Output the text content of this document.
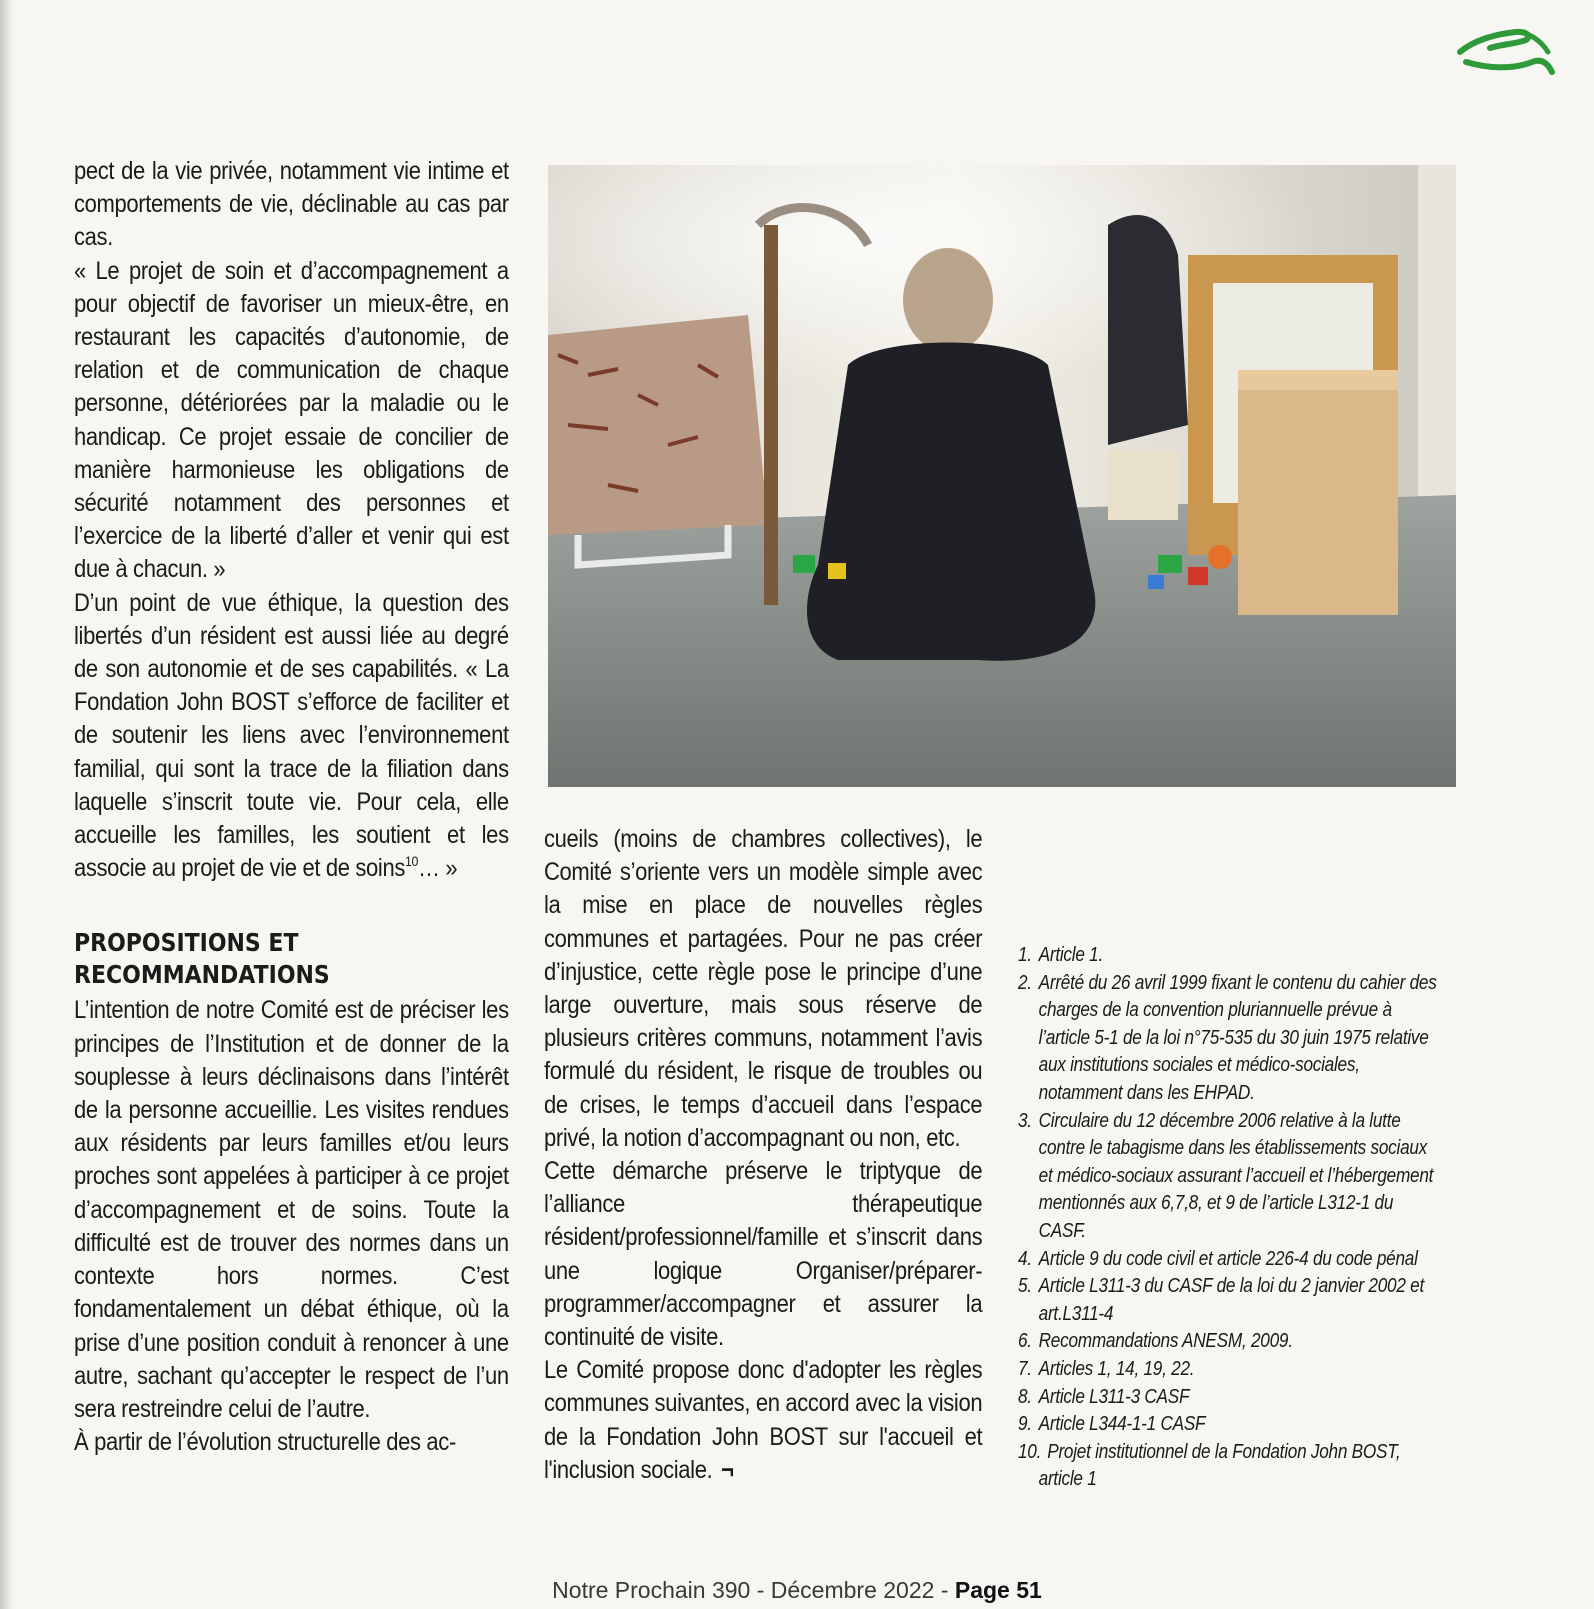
pect de la vie privée, notamment vie intime et comportements de vie, déclinable au cas par cas.

« Le projet de soin et d’accompagnement a pour objectif de favoriser un mieux-être, en restaurant les capacités d’autonomie, de relation et de communication de chaque personne, détériorées par la maladie ou le handicap. Ce projet essaie de concilier de manière harmonieuse les obligations de sécurité notamment des personnes et l’exercice de la liberté d’aller et venir qui est due à chacun. »

D’un point de vue éthique, la question des libertés d’un résident est aussi liée au degré de son autonomie et de ses capabilités. « La Fondation John BOST s’efforce de faciliter et de soutenir les liens avec l’environnement familial, qui sont la trace de la filiation dans laquelle s’inscrit toute vie. Pour cela, elle accueille les familles, les soutient et les associe au projet de vie et de soins$^{10}$… »

PROPOSITIONS ET
RECOMMANDATIONS

L’intention de notre Comité est de préciser les principes de l’Institution et de donner de la souplesse à leurs déclinaisons dans l’intérêt de la personne accueillie. Les visites rendues aux résidents par leurs familles et/ou leurs proches sont appelées à participer à ce projet d’accompagnement et de soins. Toute la difficulté est de trouver des normes dans un contexte hors normes. C’est fondamentalement un débat éthique, où la prise d’une position conduit à renoncer à une autre, sachant qu’accepter le respect de l’un sera restreindre celui de l’autre.

À partir de l’évolution structurelle des ac-

cueils (moins de chambres collectives), le Comité s’oriente vers un modèle simple avec la mise en place de nouvelles règles communes et partagées. Pour ne pas créer d’injustice, cette règle pose le principe d’une large ouverture, mais sous réserve de plusieurs critères communs, notamment l’avis formulé du résident, le risque de troubles ou de crises, le temps d’accueil dans l’espace privé, la notion d’accompagnant ou non, etc.

Cette démarche préserve le triptyque de l’alliance thérapeutique résident/professionnel/famille et s’inscrit dans une logique Organiser/préparer-programmer/accompagner et assurer la continuité de visite.

Le Comité propose donc d'adopter les règles communes suivantes, en accord avec la vision de la Fondation John BOST sur l'accueil et l'inclusion sociale. ¬

1. Article 1.
2. Arrêté du 26 avril 1999 fixant le contenu du cahier des charges de la convention pluriannuelle prévue à l’article 5-1 de la loi n°75-535 du 30 juin 1975 relative aux institutions sociales et médico-sociales, notamment dans les EHPAD.
3. Circulaire du 12 décembre 2006 relative à la lutte contre le tabagisme dans les établissements sociaux et médico-sociaux assurant l’accueil et l’hébergement mentionnés aux 6,7,8, et 9 de l’article L312-1 du CASF.
4. Article 9 du code civil et article 226-4 du code pénal
5. Article L311-3 du CASF de la loi du 2 janvier 2002 et art.L311-4
6. Recommandations ANESM, 2009.
7. Articles 1, 14, 19, 22.
8. Article L311-3 CASF
9. Article L344-1-1 CASF
10. Projet institutionnel de la Fondation John BOST, article 1
Notre Prochain 390 - Décembre 2022 - Page 51
